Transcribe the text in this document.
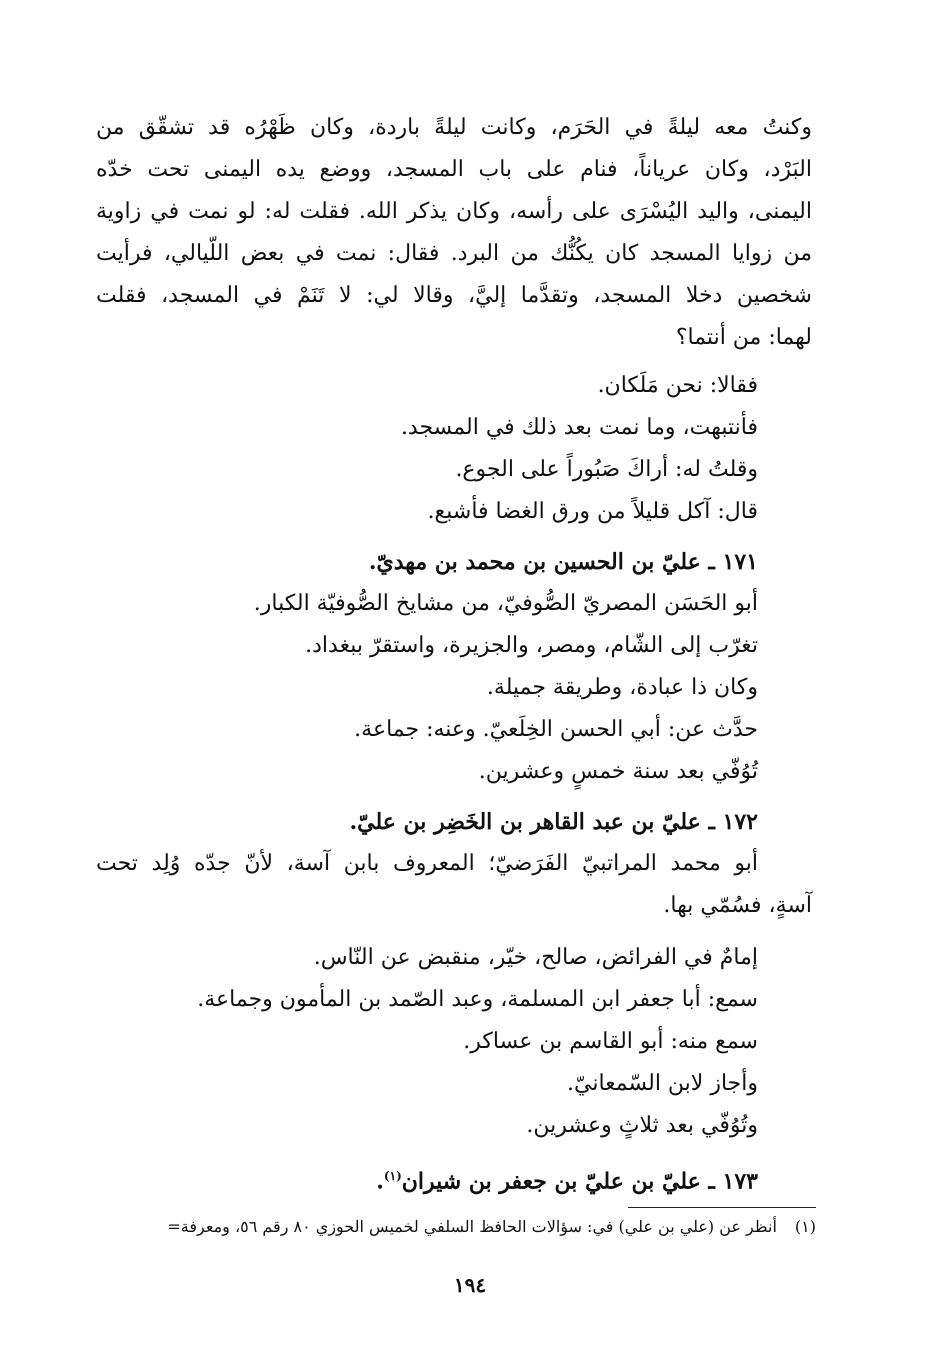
وكنتُ معه ليلةً في الحَرَم، وكانت ليلةً باردة، وكان ظَهْرُه قد تشقّق من
البَرْد، وكان عرياناً، فنام على باب المسجد، ووضع يده اليمنى تحت خدّه
اليمنى، واليد اليُسْرَى على رأسه، وكان يذكر الله. فقلت له: لو نمت في زاوية
من زوايا المسجد كان يكُنُّك من البرد. فقال: نمت في بعض اللّيالي، فرأيت
شخصين دخلا المسجد، وتقدَّما إليَّ، وقالا لي: لا تَنَمْ في المسجد، فقلت
لهما: من أنتما؟
فقالا: نحن مَلَكان.
فأنتبهت، وما نمت بعد ذلك في المسجد.
وقلتُ له: أراكَ صَبُوراً على الجوع.
قال: آكل قليلاً من ورق الغضا فأشبع.
١٧١ ـ عليّ بن الحسين بن محمد بن مهديّ.
أبو الحَسَن المصريّ الصُّوفيّ، من مشايخ الصُّوفيّة الكبار.
تغرّب إلى الشّام، ومصر، والجزيرة، واستقرّ ببغداد.
وكان ذا عبادة، وطريقة جميلة.
حدَّث عن: أبي الحسن الخِلَعيّ. وعنه: جماعة.
تُوُفّي بعد سنة خمسٍ وعشرين.
١٧٢ ـ عليّ بن عبد القاهر بن الخَضِر بن عليّ.
أبو محمد المراتبيّ الفَرَضيّ؛ المعروف بابن آسة، لأنّ جدّه وُلِد تحت
آسةٍ، فسُمّي بها.
إمامٌ في الفرائض، صالح، خيّر، منقبض عن النّاس.
سمع: أبا جعفر ابن المسلمة، وعبد الصّمد بن المأمون وجماعة.
سمع منه: أبو القاسم بن عساكر.
وأجاز لابن السّمعانيّ.
وتُوُفّي بعد ثلاثٍ وعشرين.
١٧٣ ـ عليّ بن عليّ بن جعفر بن شيران$^{(١)}$.
(١)أنظر عن (علي بن علي) في: سؤالات الحافظ السلفي لخميس الحوزي ٨٠ رقم ٥٦، ومعرفة=
١٩٤
